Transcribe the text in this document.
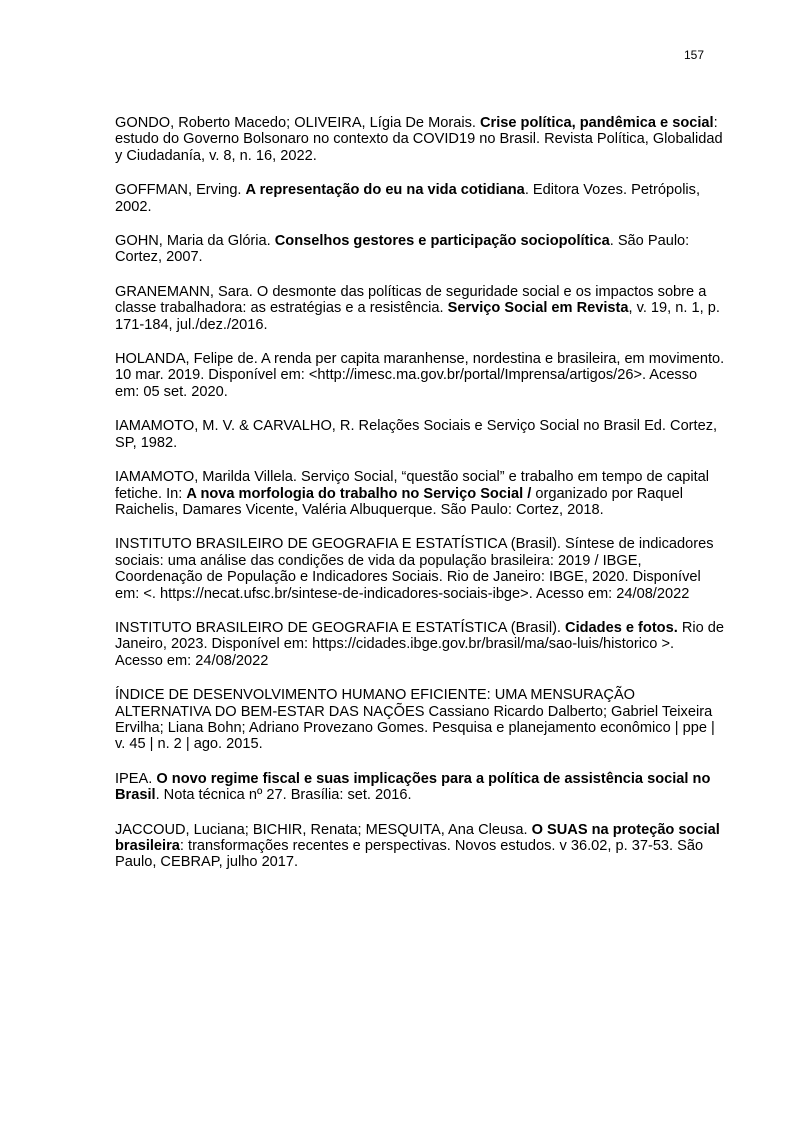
157

GONDO, Roberto Macedo; OLIVEIRA, Lígia De Morais. Crise política, pandêmica e social: estudo do Governo Bolsonaro no contexto da COVID19 no Brasil. Revista Política, Globalidad y Ciudadanía, v. 8, n. 16, 2022.

GOFFMAN, Erving. A representação do eu na vida cotidiana. Editora Vozes. Petrópolis, 2002.

GOHN, Maria da Glória. Conselhos gestores e participação sociopolítica. São Paulo: Cortez, 2007.

GRANEMANN, Sara. O desmonte das políticas de seguridade social e os impactos sobre a classe trabalhadora: as estratégias e a resistência. Serviço Social em Revista, v. 19, n. 1, p. 171-184, jul./dez./2016.

HOLANDA, Felipe de. A renda per capita maranhense, nordestina e brasileira, em movimento. 10 mar. 2019. Disponível em: <http://imesc.ma.gov.br/portal/Imprensa/artigos/26>. Acesso em: 05 set. 2020.

IAMAMOTO, M. V. & CARVALHO, R. Relações Sociais e Serviço Social no Brasil Ed. Cortez, SP, 1982.

IAMAMOTO, Marilda Villela. Serviço Social, “questão social” e trabalho em tempo de capital fetiche. In: A nova morfologia do trabalho no Serviço Social / organizado por Raquel Raichelis, Damares Vicente, Valéria Albuquerque. São Paulo: Cortez, 2018.

INSTITUTO BRASILEIRO DE GEOGRAFIA E ESTATÍSTICA (Brasil). Síntese de indicadores sociais: uma análise das condições de vida da população brasileira: 2019 / IBGE, Coordenação de População e Indicadores Sociais. Rio de Janeiro: IBGE, 2020. Disponível em: <. https://necat.ufsc.br/sintese-de-indicadores-sociais-ibge>. Acesso em: 24/08/2022

INSTITUTO BRASILEIRO DE GEOGRAFIA E ESTATÍSTICA (Brasil). Cidades e fotos. Rio de Janeiro, 2023. Disponível em: https://cidades.ibge.gov.br/brasil/ma/sao-luis/historico >. Acesso em: 24/08/2022

ÍNDICE DE DESENVOLVIMENTO HUMANO EFICIENTE: UMA MENSURAÇÃO ALTERNATIVA DO BEM-ESTAR DAS NAÇÕES Cassiano Ricardo Dalberto; Gabriel Teixeira Ervilha; Liana Bohn; Adriano Provezano Gomes. Pesquisa e planejamento econômico | ppe | v. 45 | n. 2 | ago. 2015.

IPEA. O novo regime fiscal e suas implicações para a política de assistência social no Brasil. Nota técnica nº 27. Brasília: set. 2016.

JACCOUD, Luciana; BICHIR, Renata; MESQUITA, Ana Cleusa. O SUAS na proteção social brasileira: transformações recentes e perspectivas. Novos estudos. v 36.02, p. 37-53. São Paulo, CEBRAP, julho 2017.
